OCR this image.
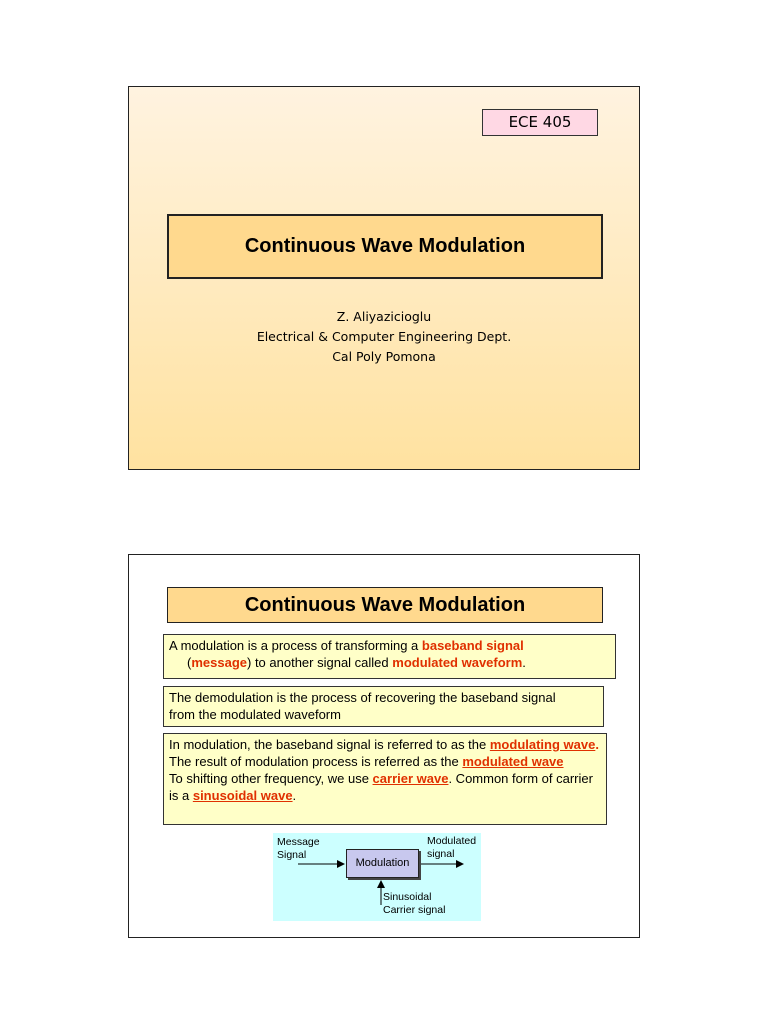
ECE 405
Continuous Wave Modulation
Z. Aliyazicioglu
Electrical & Computer Engineering Dept.
Cal Poly Pomona
Continuous Wave Modulation
A modulation is a process of transforming a baseband signal
(message) to another signal called modulated waveform.
The demodulation is the process of recovering the baseband signal
from the modulated waveform
In modulation, the baseband signal is referred to as the modulating wave.
The result of modulation process is referred as the modulated wave
To shifting other frequency, we use carrier wave. Common form of carrier is a sinusoidal wave.
Message
Signal
Modulation
Modulated
signal
Sinusoidal
Carrier signal
